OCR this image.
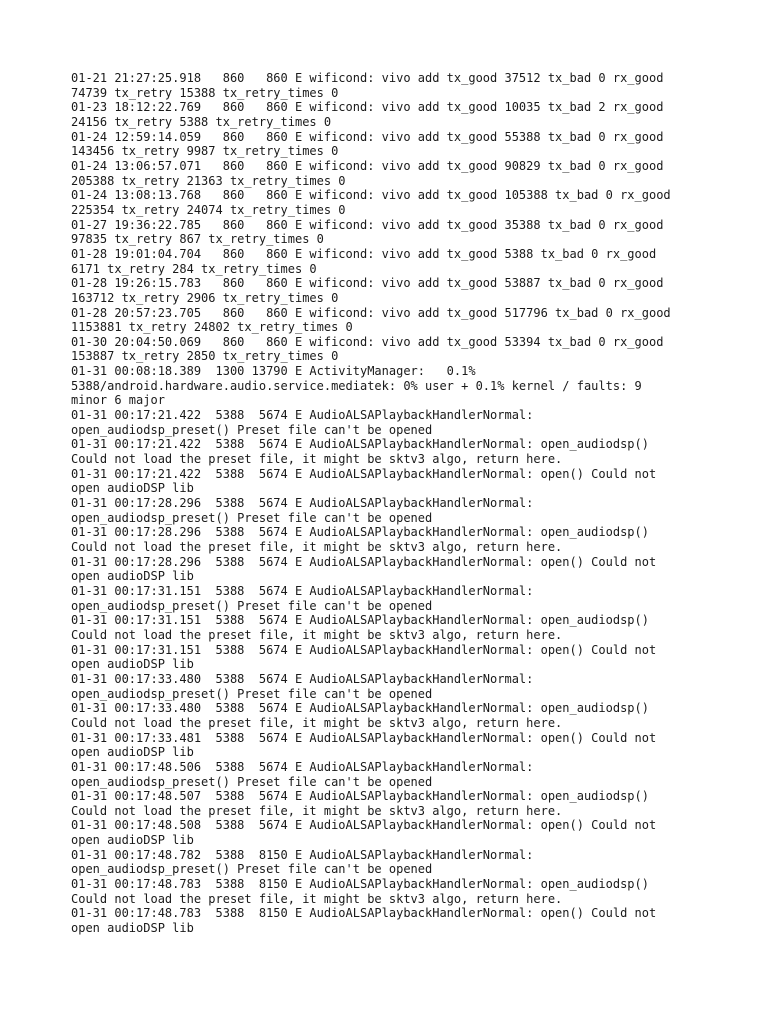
01-21 21:27:25.918   860   860 E wificond: vivo add tx_good 37512 tx_bad 0 rx_good
74739 tx_retry 15388 tx_retry_times 0
01-23 18:12:22.769   860   860 E wificond: vivo add tx_good 10035 tx_bad 2 rx_good
24156 tx_retry 5388 tx_retry_times 0
01-24 12:59:14.059   860   860 E wificond: vivo add tx_good 55388 tx_bad 0 rx_good
143456 tx_retry 9987 tx_retry_times 0
01-24 13:06:57.071   860   860 E wificond: vivo add tx_good 90829 tx_bad 0 rx_good
205388 tx_retry 21363 tx_retry_times 0
01-24 13:08:13.768   860   860 E wificond: vivo add tx_good 105388 tx_bad 0 rx_good
225354 tx_retry 24074 tx_retry_times 0
01-27 19:36:22.785   860   860 E wificond: vivo add tx_good 35388 tx_bad 0 rx_good
97835 tx_retry 867 tx_retry_times 0
01-28 19:01:04.704   860   860 E wificond: vivo add tx_good 5388 tx_bad 0 rx_good
6171 tx_retry 284 tx_retry_times 0
01-28 19:26:15.783   860   860 E wificond: vivo add tx_good 53887 tx_bad 0 rx_good
163712 tx_retry 2906 tx_retry_times 0
01-28 20:57:23.705   860   860 E wificond: vivo add tx_good 517796 tx_bad 0 rx_good
1153881 tx_retry 24802 tx_retry_times 0
01-30 20:04:50.069   860   860 E wificond: vivo add tx_good 53394 tx_bad 0 rx_good
153887 tx_retry 2850 tx_retry_times 0
01-31 00:08:18.389  1300 13790 E ActivityManager:   0.1%
5388/android.hardware.audio.service.mediatek: 0% user + 0.1% kernel / faults: 9
minor 6 major
01-31 00:17:21.422  5388  5674 E AudioALSAPlaybackHandlerNormal:
open_audiodsp_preset() Preset file can't be opened
01-31 00:17:21.422  5388  5674 E AudioALSAPlaybackHandlerNormal: open_audiodsp()
Could not load the preset file, it might be sktv3 algo, return here.
01-31 00:17:21.422  5388  5674 E AudioALSAPlaybackHandlerNormal: open() Could not
open audioDSP lib
01-31 00:17:28.296  5388  5674 E AudioALSAPlaybackHandlerNormal:
open_audiodsp_preset() Preset file can't be opened
01-31 00:17:28.296  5388  5674 E AudioALSAPlaybackHandlerNormal: open_audiodsp()
Could not load the preset file, it might be sktv3 algo, return here.
01-31 00:17:28.296  5388  5674 E AudioALSAPlaybackHandlerNormal: open() Could not
open audioDSP lib
01-31 00:17:31.151  5388  5674 E AudioALSAPlaybackHandlerNormal:
open_audiodsp_preset() Preset file can't be opened
01-31 00:17:31.151  5388  5674 E AudioALSAPlaybackHandlerNormal: open_audiodsp()
Could not load the preset file, it might be sktv3 algo, return here.
01-31 00:17:31.151  5388  5674 E AudioALSAPlaybackHandlerNormal: open() Could not
open audioDSP lib
01-31 00:17:33.480  5388  5674 E AudioALSAPlaybackHandlerNormal:
open_audiodsp_preset() Preset file can't be opened
01-31 00:17:33.480  5388  5674 E AudioALSAPlaybackHandlerNormal: open_audiodsp()
Could not load the preset file, it might be sktv3 algo, return here.
01-31 00:17:33.481  5388  5674 E AudioALSAPlaybackHandlerNormal: open() Could not
open audioDSP lib
01-31 00:17:48.506  5388  5674 E AudioALSAPlaybackHandlerNormal:
open_audiodsp_preset() Preset file can't be opened
01-31 00:17:48.507  5388  5674 E AudioALSAPlaybackHandlerNormal: open_audiodsp()
Could not load the preset file, it might be sktv3 algo, return here.
01-31 00:17:48.508  5388  5674 E AudioALSAPlaybackHandlerNormal: open() Could not
open audioDSP lib
01-31 00:17:48.782  5388  8150 E AudioALSAPlaybackHandlerNormal:
open_audiodsp_preset() Preset file can't be opened
01-31 00:17:48.783  5388  8150 E AudioALSAPlaybackHandlerNormal: open_audiodsp()
Could not load the preset file, it might be sktv3 algo, return here.
01-31 00:17:48.783  5388  8150 E AudioALSAPlaybackHandlerNormal: open() Could not
open audioDSP lib
